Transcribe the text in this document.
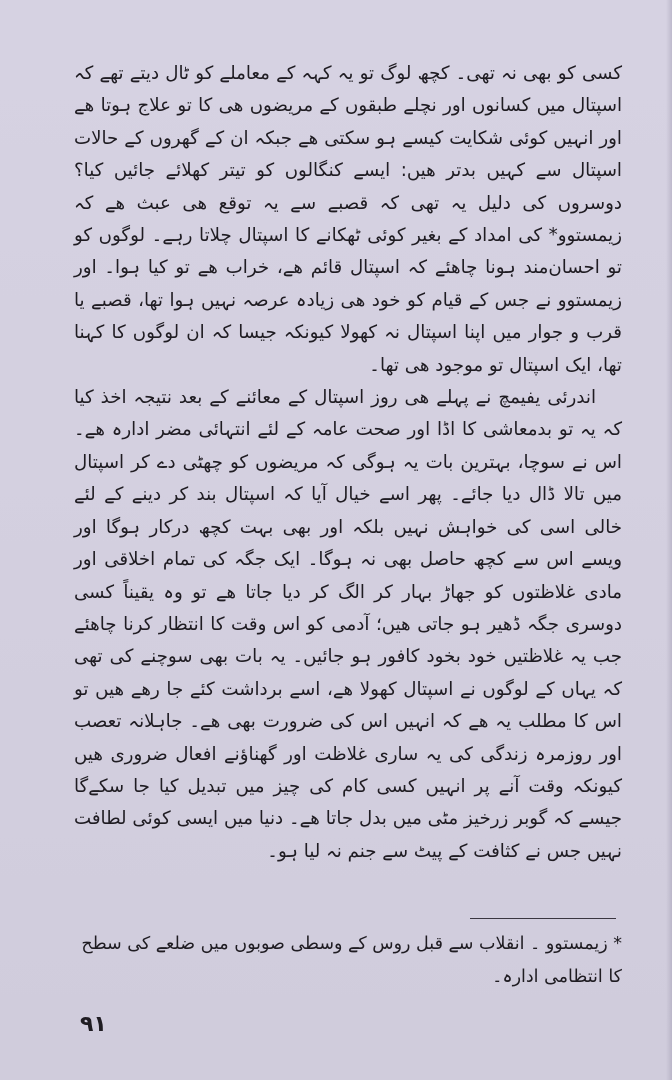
کسی کو بھی نہ تھی۔ کچھ لوگ تو یہ کہہ کے معاملے کو ٹال دیتے تھے کہ اسپتال میں کسانوں اور نچلے طبقوں کے مریضوں ھی کا تو علاج ہوتا ھے اور انہیں کوئی شکایت کیسے ہو سکتی ھے جبکہ ان کے گھروں کے حالات اسپتال سے کہیں بدتر ھیں: ایسے کنگالوں کو تیتر کھلائے جائیں کیا؟ دوسروں کی دلیل یہ تھی کہ قصبے سے یہ توقع ھی عبث ھے کہ زیمستوو* کی امداد کے بغیر کوئی ٹھکانے کا اسپتال چلاتا رہے۔ لوگوں کو تو احسان‌مند ہونا چاھئے کہ اسپتال قائم ھے، خراب ھے تو کیا ہوا۔ اور زیمستوو نے جس کے قیام کو خود ھی زیادہ عرصہ نہیں ہوا تھا، قصبے یا قرب و جوار میں اپنا اسپتال نہ کھولا کیونکہ جیسا کہ ان لوگوں کا کہنا تھا، ایک اسپتال تو موجود ھی تھا۔

اندرئی یفیمچ نے پہلے ھی روز اسپتال کے معائنے کے بعد نتیجہ اخذ کیا کہ یہ تو بدمعاشی کا اڈا اور صحت عامہ کے لئے انتہائی مضر ادارہ ھے۔ اس نے سوچا، بہترین بات یہ ہوگی کہ مریضوں کو چھٹی دے کر اسپتال میں تالا ڈال دیا جائے۔ پھر اسے خیال آیا کہ اسپتال بند کر دینے کے لئے خالی اسی کی خواہش نہیں بلکہ اور بھی بہت کچھ درکار ہوگا اور ویسے اس سے کچھ حاصل بھی نہ ہوگا۔ ایک جگہ کی تمام اخلاقی اور مادی غلاظتوں کو جھاڑ بہار کر الگ کر دیا جاتا ھے تو وہ یقیناً کسی دوسری جگہ ڈھیر ہو جاتی ھیں؛ آدمی کو اس وقت کا انتظار کرنا چاھئے جب یہ غلاظتیں خود بخود کافور ہو جائیں۔ یہ بات بھی سوچنے کی تھی کہ یہاں کے لوگوں نے اسپتال کھولا ھے، اسے برداشت کئے جا رھے ھیں تو اس کا مطلب یہ ھے کہ انہیں اس کی ضرورت بھی ھے۔ جاہلانہ تعصب اور روزمرہ زندگی کی یہ ساری غلاظت اور گھناؤنے افعال ضروری ھیں کیونکہ وقت آنے پر انہیں کسی کام کی چیز میں تبدیل کیا جا سکےگا جیسے کہ گوبر زرخیز مٹی میں بدل جاتا ھے۔ دنیا میں ایسی کوئی لطافت نہیں جس نے کثافت کے پیٹ سے جنم نہ لیا ہو۔

* زیمستوو ۔ انقلاب سے قبل روس کے وسطی صوبوں میں ضلعے کی سطح کا انتظامی ادارہ۔

۹۱
